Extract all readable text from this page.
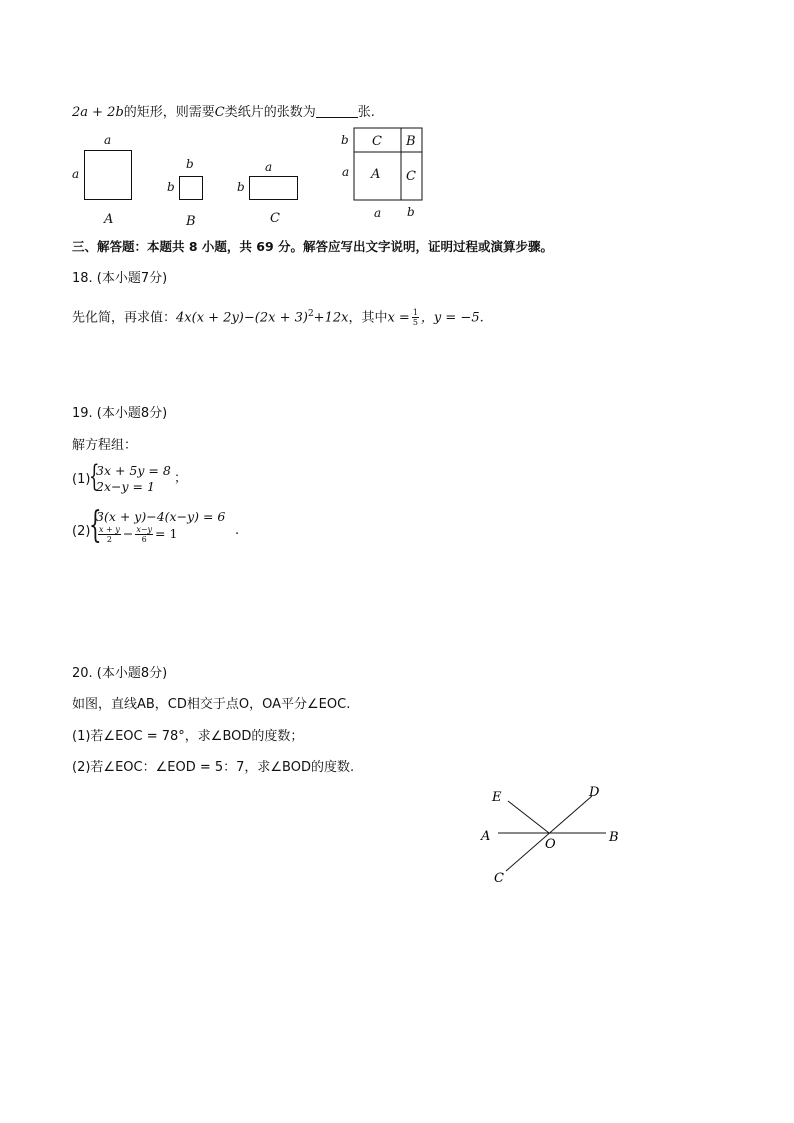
2a + 2b的矩形，则需要C类纸片的张数为	张.
a
a
A
b
b
B
a
b
C
C B
A C
b
a
a b
三、解答题：本题共 8 小题，共 69 分。解答应写出文字说明，证明过程或演算步骤。
18. (本小题7分)
先化简，再求值：$4x(x + 2y)-(2x + 3)^2+12x$，其中$x = \frac{1}{5}$ ，y = −5.
19. (本小题8分)
解方程组：
(1)
{
3x + 5y = 8
2x−y = 1
；
(2)
{
3(x + y)−4(x−y) = 6
$\frac{x + y}{2} - \frac{x-y}{6} = 1$	.
20. (本小题8分)
如图，直线AB，CD相交于点O，OA平分∠EOC.
(1)若∠EOC = 78°，求∠BOD的度数；
(2)若∠EOC：∠EOD = 5：7，求∠BOD的度数.
E	D
A
O	B
C
